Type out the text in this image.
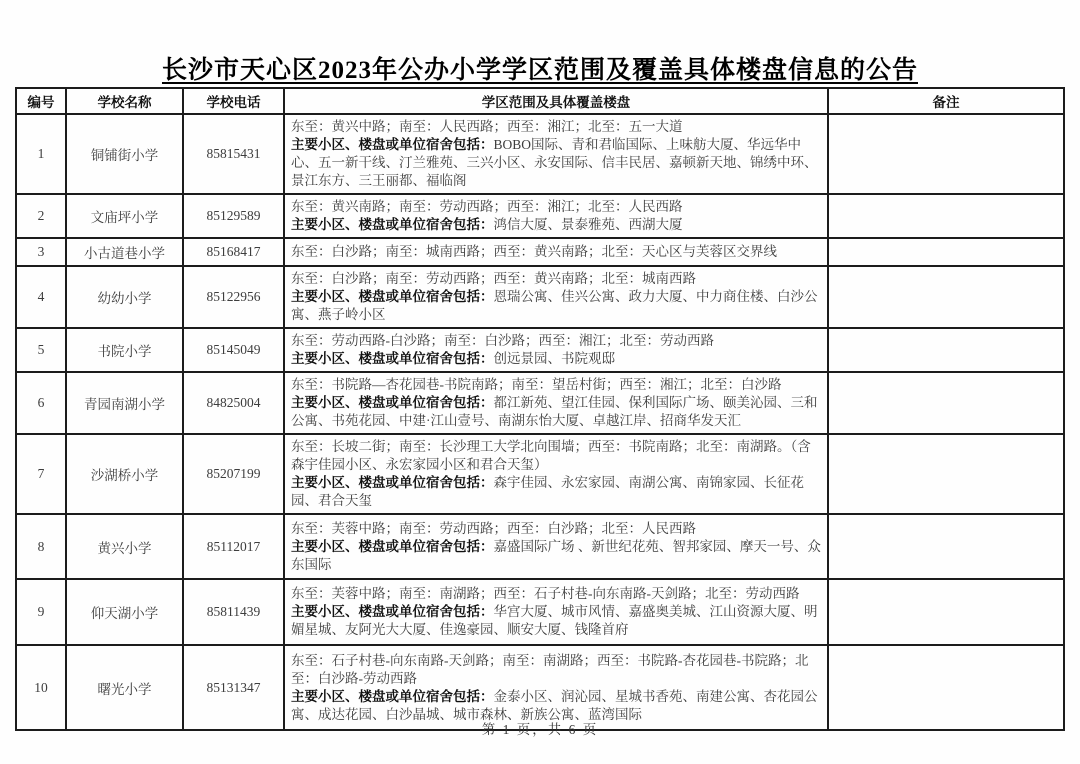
长沙市天心区2023年公办小学学区范围及覆盖具体楼盘信息的公告
编号	学校名称	学校电话	学区范围及具体覆盖楼盘	备注
1	铜铺街小学	85815431	东至：黄兴中路；南至：人民西路；西至：湘江；北至：五一大道
主要小区、楼盘或单位宿舍包括：BOBO国际、青和君临国际、上味舫大厦、华远华中心、五一新干线、汀兰雅苑、三兴小区、永安国际、信丰民居、嘉顿新天地、锦绣中环、景江东方、三王丽都、福临阁	

2	文庙坪小学	85129589	东至：黄兴南路；南至：劳动西路；西至：湘江；北至：人民西路
主要小区、楼盘或单位宿舍包括：鸿信大厦、景泰雅苑、西湖大厦	

3	小古道巷小学	85168417	东至：白沙路；南至：城南西路；西至：黄兴南路；北至：天心区与芙蓉区交界线	

4	幼幼小学	85122956	东至：白沙路；南至：劳动西路；西至：黄兴南路；北至：城南西路
主要小区、楼盘或单位宿舍包括：恩瑞公寓、佳兴公寓、政力大厦、中力商住楼、白沙公寓、燕子岭小区	

5	书院小学	85145049	东至：劳动西路-白沙路；南至：白沙路；西至：湘江；北至：劳动西路
主要小区、楼盘或单位宿舍包括：创远景园、书院观邸	

6	青园南湖小学	84825004	东至：书院路—杏花园巷-书院南路；南至：望岳村街；西至：湘江；北至：白沙路
主要小区、楼盘或单位宿舍包括：都江新苑、望江佳园、保利国际广场、颐美沁园、三和公寓、书苑花园、中建·江山壹号、南湖东怡大厦、卓越江岸、招商华发天汇	

7	沙湖桥小学	85207199	东至：长坡二街；南至：长沙理工大学北向围墙；西至：书院南路；北至：南湖路。（含森宇佳园小区、永宏家园小区和君合天玺）
主要小区、楼盘或单位宿舍包括：森宇佳园、永宏家园、南湖公寓、南锦家园、长征花园、君合天玺	

8	黄兴小学	85112017	东至：芙蓉中路；南至：劳动西路；西至：白沙路；北至：人民西路
主要小区、楼盘或单位宿舍包括：嘉盛国际广场 、新世纪花苑、智邦家园、摩天一号、众东国际	

9	仰天湖小学	85811439	东至：芙蓉中路；南至：南湖路；西至：石子村巷-向东南路-天剑路；北至：劳动西路
主要小区、楼盘或单位宿舍包括：华宫大厦、城市风情、嘉盛奥美城、江山资源大厦、明媚星城、友阿光大大厦、佳逸豪园、顺安大厦、钱隆首府	

10	曙光小学	85131347	东至：石子村巷-向东南路-天剑路；南至：南湖路；西至：书院路-杏花园巷-书院路；北至：白沙路-劳动西路
主要小区、楼盘或单位宿舍包括：金泰小区、润沁园、星城书香苑、南建公寓、杏花园公寓、成达花园、白沙晶城、城市森林、新族公寓、蓝湾国际	

第 1 页，共 6 页
